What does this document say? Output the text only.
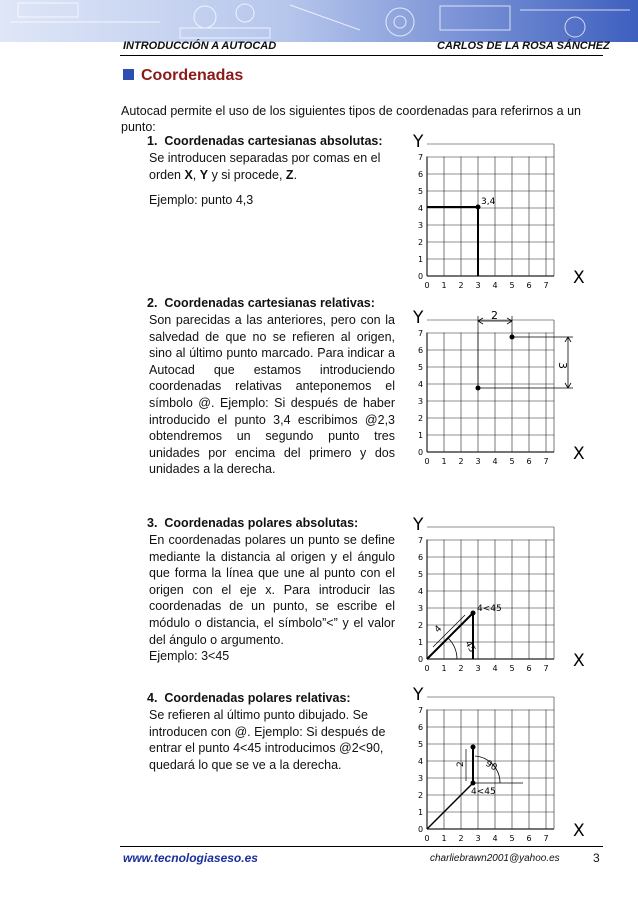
INTRODUCCIÓN A AUTOCAD	CARLOS DE LA ROSA SÁNCHEZ
Coordenadas
Autocad permite el uso de los siguientes tipos de coordenadas para referirnos a un punto:
1. Coordenadas cartesianas absolutas:
Se introducen separadas por comas en el orden X, Y y si procede, Z.
Ejemplo: punto 4,3
2. Coordenadas cartesianas relativas:
Son parecidas a las anteriores, pero con la salvedad de que no se refieren al origen, sino al último punto marcado. Para indicar a Autocad que estamos introduciendo coordenadas relativas anteponemos el símbolo @. Ejemplo: Si después de haber introducido el punto 3,4 escribimos @2,3 obtendremos un segundo punto tres unidades por encima del primero y dos unidades a la derecha.
3. Coordenadas polares absolutas:
En coordenadas polares un punto se define mediante la distancia al origen y el ángulo que forma la línea que une al punto con el origen con el eje x. Para introducir las coordenadas de un punto, se escribe el módulo o distancia, el símbolo”<” y el valor del ángulo o argumento.
Ejemplo: 3<45
4. Coordenadas polares relativas:
Se refieren al último punto dibujado. Se introducen con @. Ejemplo: Si después de entrar el punto 4<45 introducimos @2<90, quedará lo que se ve a la derecha.
0 1 2 3 4 5 6 7
0
1
2
3
4
5
6
7
Y
X
3,4
0 1 2 3 4 5 6 7
0
1
2
3
4
5
6
7
Y
X
2
3
0 1 2 3 4 5 6 7
0
1
2
3
4
5
6
7
Y
X
4<45
4
45
0 1 2 3 4 5 6 7
0
1
2
3
4
5
6
7
Y
X
4<45
2 90
www.tecnologiaseso.es	charliebrawn2001@yahoo.es	3
